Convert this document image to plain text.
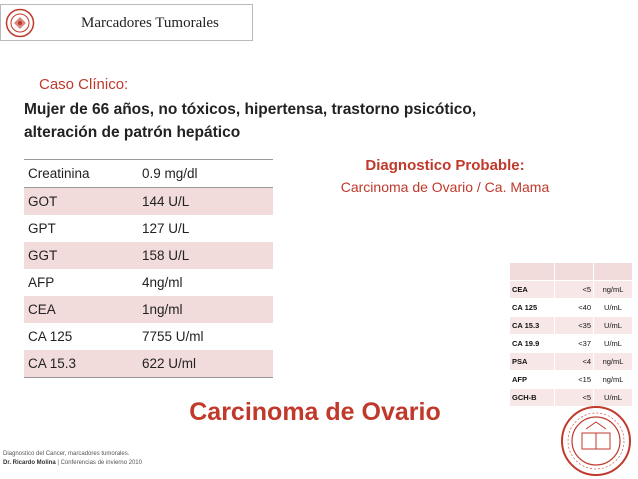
Marcadores Tumorales
Caso Clínico:
Mujer de 66 años, no tóxicos, hipertensa, trastorno psicótico,
alteración de patrón hepático
Creatinina	0.9 mg/dl
GOT	144 U/L
GPT	127 U/L
GGT	158 U/L
AFP	4ng/ml
CEA	1ng/ml
CA 125	7755 U/ml
CA 15.3	622 U/ml
Diagnostico Probable:
Carcinoma de Ovario / Ca. Mama

CEA	<5	ng/mL
CA 125	<40	U/mL
CA 15.3	<35	U/mL
CA 19.9	<37	U/mL
PSA	<4	ng/mL
AFP	<15	ng/mL
GCH-B	<5	U/mL
Carcinoma de Ovario
Diagnostico del Cancer, marcadores tumorales.
Dr. Ricardo Molina | Conferencias de invierno 2010
